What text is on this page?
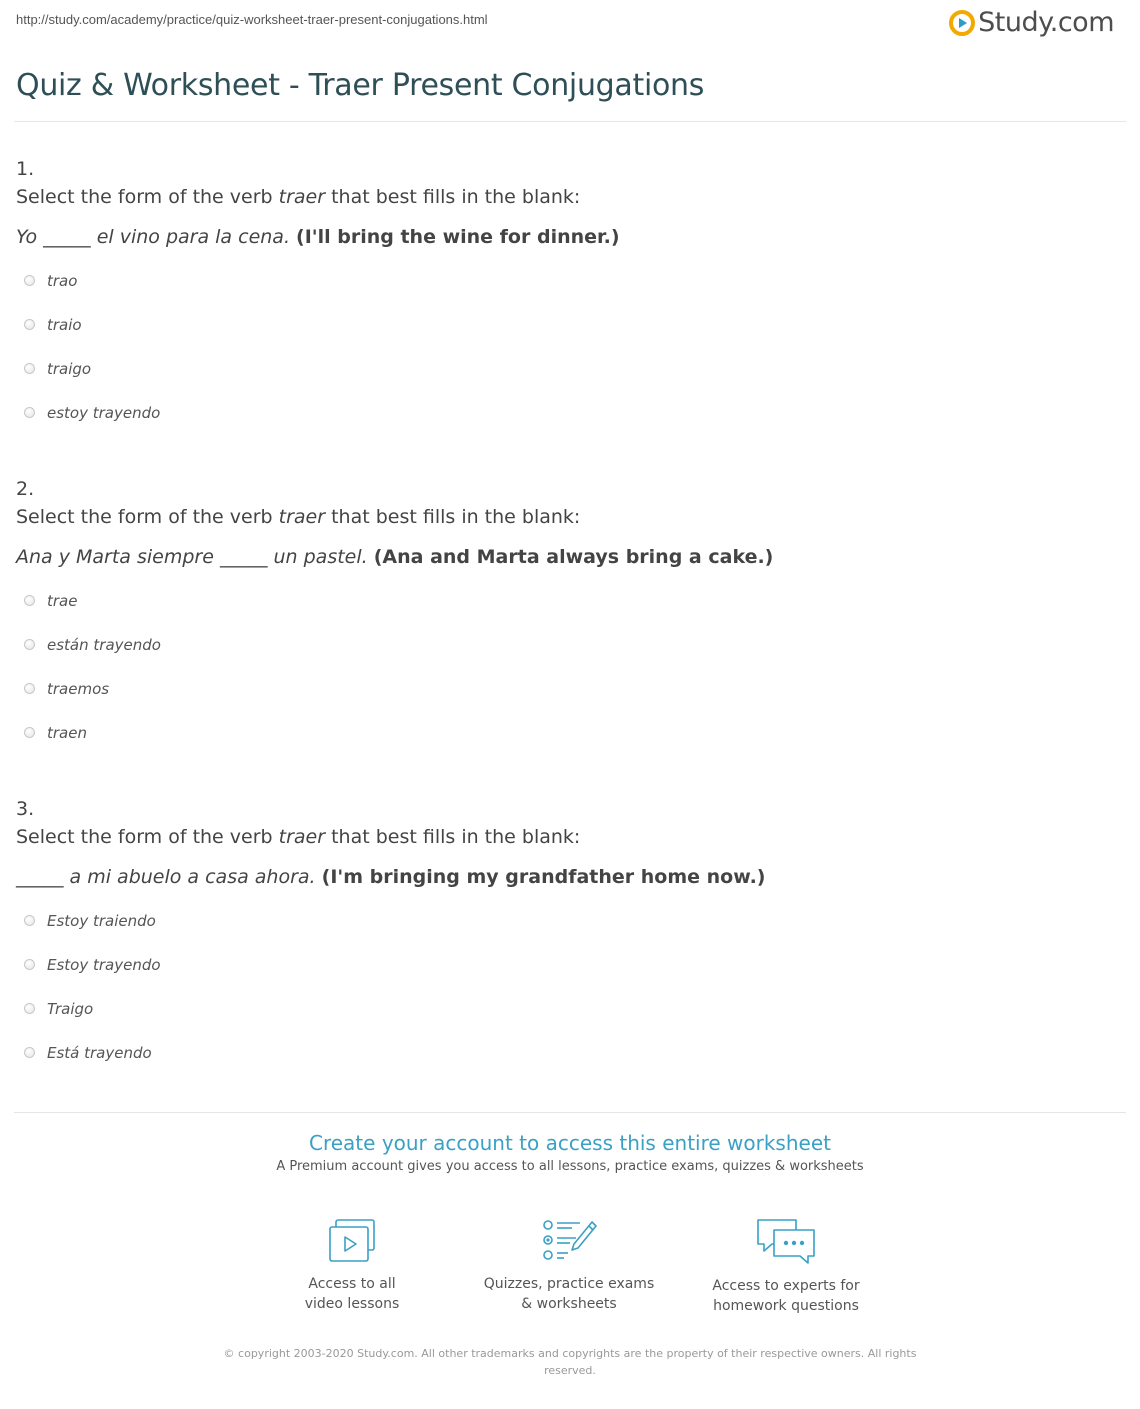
http://study.com/academy/practice/quiz-worksheet-traer-present-conjugations.html	Study.com
Quiz & Worksheet - Traer Present Conjugations
1.
Select the form of the verb traer that best fills in the blank:
Yo _____ el vino para la cena. (I'll bring the wine for dinner.)
trao
traio
traigo
estoy trayendo
2.
Select the form of the verb traer that best fills in the blank:
Ana y Marta siempre _____ un pastel. (Ana and Marta always bring a cake.)
trae
están trayendo
traemos
traen
3.
Select the form of the verb traer that best fills in the blank:
_____ a mi abuelo a casa ahora. (I'm bringing my grandfather home now.)
Estoy traiendo
Estoy trayendo
Traigo
Está trayendo
Create your account to access this entire worksheet
A Premium account gives you access to all lessons, practice exams, quizzes & worksheets
Access to all
video lessons
Quizzes, practice exams
& worksheets
Access to experts for
homework questions
© copyright 2003-2020 Study.com. All other trademarks and copyrights are the property of their respective owners. All rights reserved.
